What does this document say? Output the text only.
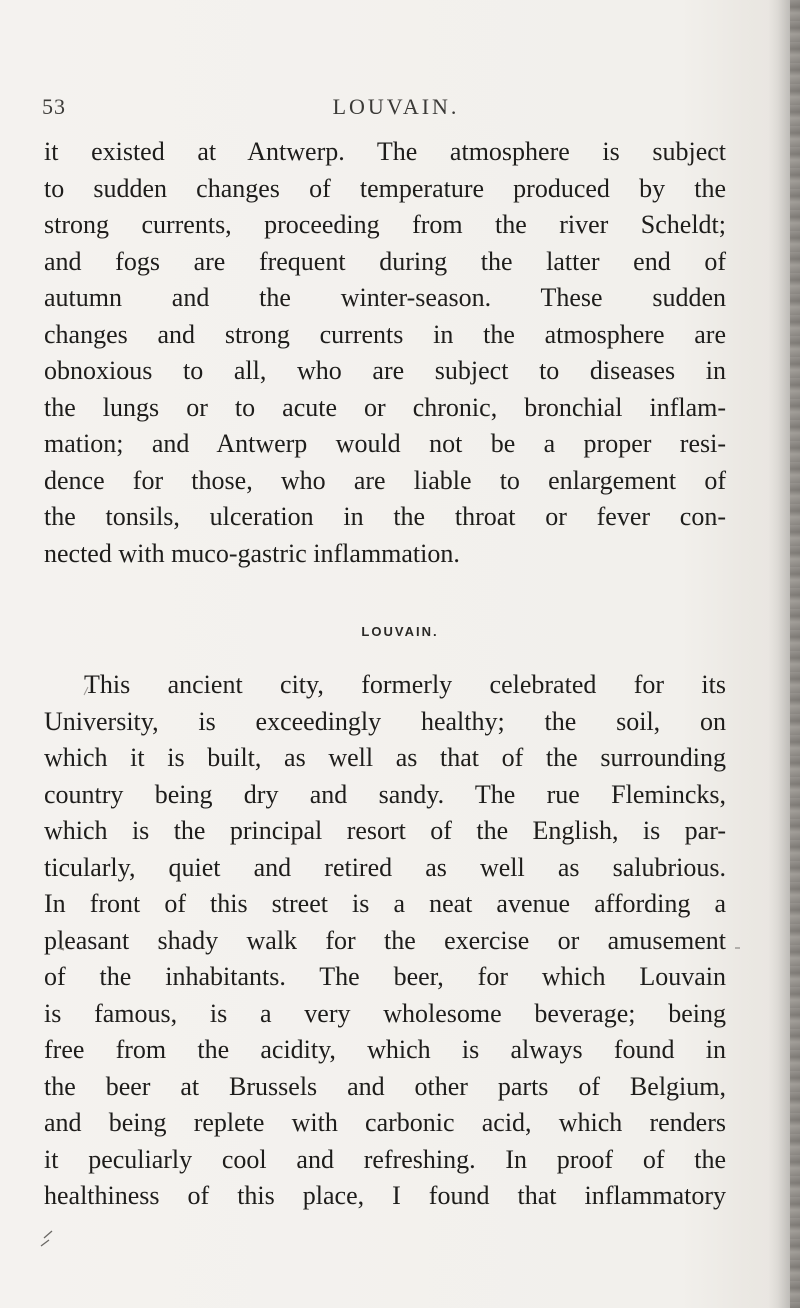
53	LOUVAIN.

it existed at Antwerp. The atmosphere is subject
to sudden changes of temperature produced by the
strong currents, proceeding from the river Scheldt;
and fogs are frequent during the latter end of
autumn and the winter-season. These sudden
changes and strong currents in the atmosphere are
obnoxious to all, who are subject to diseases in
the lungs or to acute or chronic, bronchial inflam-
mation; and Antwerp would not be a proper resi-
dence for those, who are liable to enlargement of
the tonsils, ulceration in the throat or fever con-
nected with muco-gastric inflammation.

LOUVAIN.

This ancient city, formerly celebrated for its
University, is exceedingly healthy; the soil, on
which it is built, as well as that of the surrounding
country being dry and sandy. The rue Flemincks,
which is the principal resort of the English, is par-
ticularly, quiet and retired as well as salubrious.
In front of this street is a neat avenue affording a
pleasant shady walk for the exercise or amusement
of the inhabitants. The beer, for which Louvain
is famous, is a very wholesome beverage; being
free from the acidity, which is always found in
the beer at Brussels and other parts of Belgium,
and being replete with carbonic acid, which renders
it peculiarly cool and refreshing. In proof of the
healthiness of this place, I found that inflammatory
